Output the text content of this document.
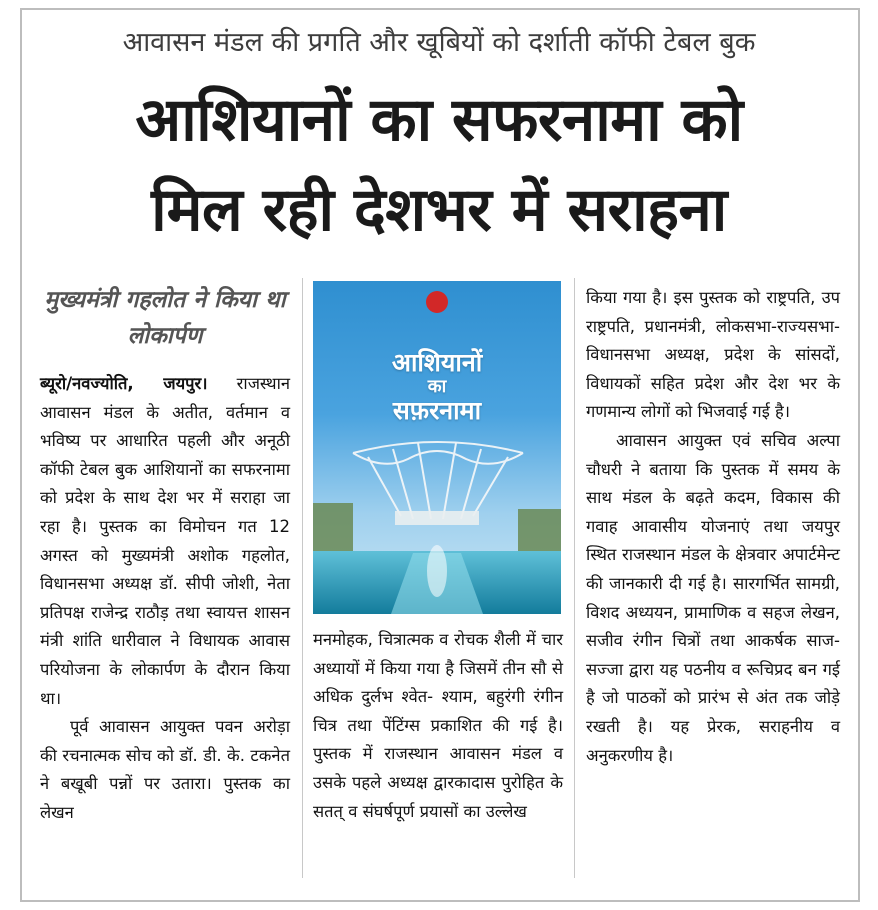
आवासन मंडल की प्रगति और खूबियों को दर्शाती कॉफी टेबल बुक
आशियानों का सफरनामा को
मिल रही देशभर में सराहना
मुख्यमंत्री गहलोत ने किया था लोकार्पण

ब्यूरो/नवज्योति, जयपुर। राजस्थान आवासन मंडल के अतीत, वर्तमान व भविष्य पर आधारित पहली और अनूठी कॉफी टेबल बुक आशियानों का सफरनामा को प्रदेश के साथ देश भर में सराहा जा रहा है। पुस्तक का विमोचन गत 12 अगस्त को मुख्यमंत्री अशोक गहलोत, विधानसभा अध्यक्ष डॉ. सीपी जोशी, नेता प्रतिपक्ष राजेन्द्र राठौड़ तथा स्वायत्त शासन मंत्री शांति धारीवाल ने विधायक आवास परियोजना के लोकार्पण के दौरान किया था।

पूर्व आवासन आयुक्त पवन अरोड़ा की रचनात्मक सोच को डॉ. डी. के. टकनेत ने बखूबी पन्नों पर उतारा। पुस्तक का लेखन

आशियानों
का
सफ़रनामा

मनमोहक, चित्रात्मक व रोचक शैली में चार अध्यायों में किया गया है जिसमें तीन सौ से अधिक दुर्लभ श्वेत- श्याम, बहुरंगी रंगीन चित्र तथा पेंटिंग्स प्रकाशित की गई है। पुस्तक में राजस्थान आवासन मंडल व उसके पहले अध्यक्ष द्वारकादास पुरोहित के सतत् व संघर्षपूर्ण प्रयासों का उल्लेख

किया गया है। इस पुस्तक को राष्ट्रपति, उप राष्ट्रपति, प्रधानमंत्री, लोकसभा-राज्यसभा-विधानसभा अध्यक्ष, प्रदेश के सांसदों, विधायकों सहित प्रदेश और देश भर के गणमान्य लोगों को भिजवाई गई है।

आवासन आयुक्त एवं सचिव अल्पा चौधरी ने बताया कि पुस्तक में समय के साथ मंडल के बढ़ते कदम, विकास की गवाह आवासीय योजनाएं तथा जयपुर स्थित राजस्थान मंडल के क्षेत्रवार अपार्टमेन्ट की जानकारी दी गई है। सारगर्भित सामग्री, विशद अध्ययन, प्रामाणिक व सहज लेखन, सजीव रंगीन चित्रों तथा आकर्षक साज-सज्जा द्वारा यह पठनीय व रूचिप्रद बन गई है जो पाठकों को प्रारंभ से अंत तक जोड़े रखती है। यह प्रेरक, सराहनीय व अनुकरणीय है।
